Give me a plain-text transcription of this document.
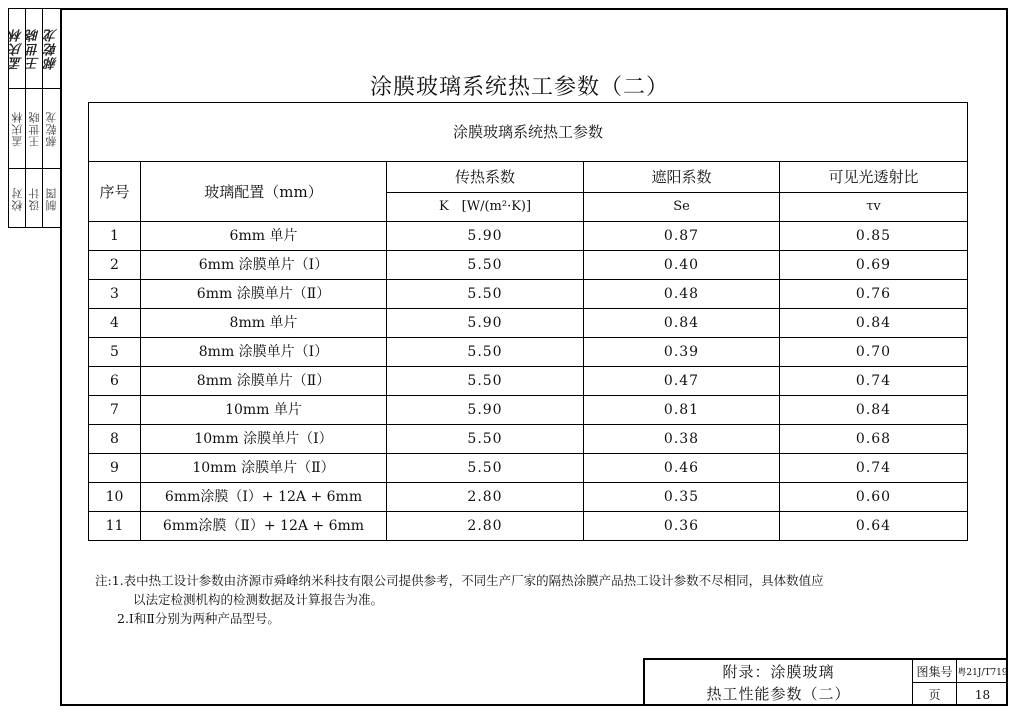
孟庆林
孟庆林
校对
王世晓
王世晓
设计
郝乾龙
郝乾龙
制图
涂膜玻璃系统热工参数（二）
涂膜玻璃系统热工参数				
序号	玻璃配置（mm）	传热系数	遮阳系数	可见光透射比
		K　[W/(m²·K)]	Se	τv
1	6mm 单片	5.90	0.87	0.85
2	6mm 涂膜单片（Ⅰ）	5.50	0.40	0.69
3	6mm 涂膜单片（Ⅱ）	5.50	0.48	0.76
4	8mm 单片	5.90	0.84	0.84
5	8mm 涂膜单片（Ⅰ）	5.50	0.39	0.70
6	8mm 涂膜单片（Ⅱ）	5.50	0.47	0.74
7	10mm 单片	5.90	0.81	0.84
8	10mm 涂膜单片（Ⅰ）	5.50	0.38	0.68
9	10mm 涂膜单片（Ⅱ）	5.50	0.46	0.74
10	6mm涂膜（Ⅰ）+ 12A + 6mm	2.80	0.35	0.60
11	6mm涂膜（Ⅱ）+ 12A + 6mm	2.80	0.36	0.64
注:1.表中热工设计参数由济源市舜峰纳米科技有限公司提供参考，不同生产厂家的隔热涂膜产品热工设计参数不尽相同，具体数值应
以法定检测机构的检测数据及计算报告为准。
2.Ⅰ和Ⅱ分别为两种产品型号。
附录：涂膜玻璃
热工性能参数（二）
图集号 粤21J/T719
页	18
